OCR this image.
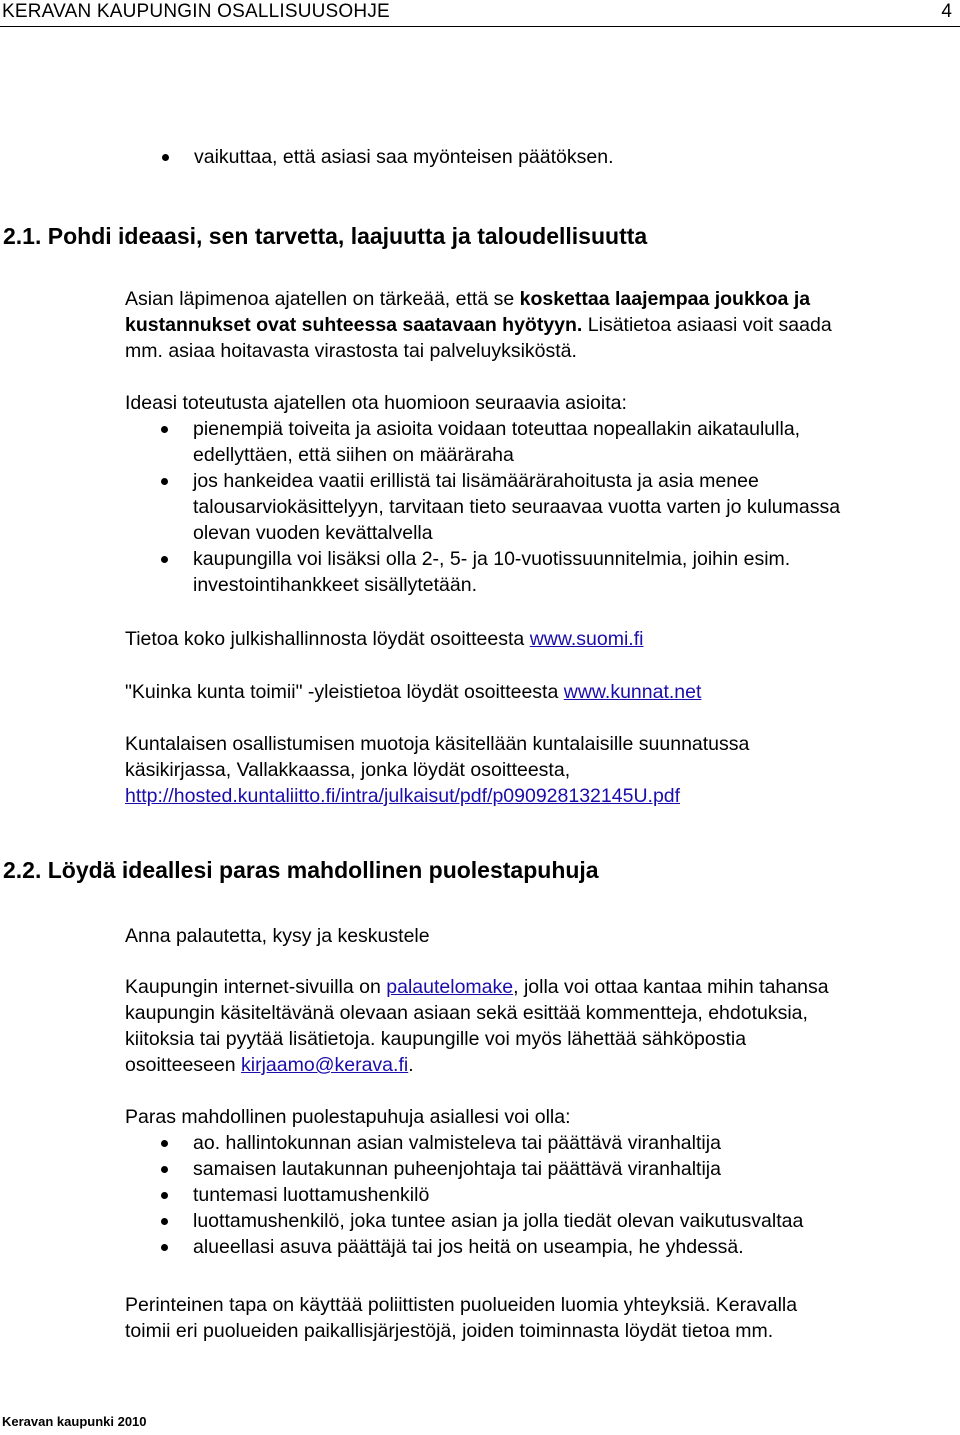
KERAVAN KAUPUNGIN OSALLISUUSOHJE	4
vaikuttaa, että asiasi saa myönteisen päätöksen.
2.1. Pohdi ideaasi, sen tarvetta, laajuutta ja taloudellisuutta
Asian läpimenoa ajatellen on tärkeää, että se koskettaa laajempaa joukkoa ja
kustannukset ovat suhteessa saatavaan hyötyyn. Lisätietoa asiaasi voit saada
mm. asiaa hoitavasta virastosta tai palveluyksiköstä.
Ideasi toteutusta ajatellen ota huomioon seuraavia asioita:
pienempiä toiveita ja asioita voidaan toteuttaa nopeallakin aikataululla,
edellyttäen, että siihen on määräraha
jos hankeidea vaatii erillistä tai lisämäärärahoitusta ja asia menee
talousarviokäsittelyyn, tarvitaan tieto seuraavaa vuotta varten jo kulumassa
olevan vuoden kevättalvella
kaupungilla voi lisäksi olla 2-, 5- ja 10-vuotissuunnitelmia, joihin esim.
investointihankkeet sisällytetään.
Tietoa koko julkishallinnosta löydät osoitteesta www.suomi.fi
"Kuinka kunta toimii" -yleistietoa löydät osoitteesta www.kunnat.net
Kuntalaisen osallistumisen muotoja käsitellään kuntalaisille suunnatussa
käsikirjassa, Vallakkaassa, jonka löydät osoitteesta,
http://hosted.kuntaliitto.fi/intra/julkaisut/pdf/p090928132145U.pdf
2.2. Löydä ideallesi paras mahdollinen puolestapuhuja
Anna palautetta, kysy ja keskustele
Kaupungin internet-sivuilla on palautelomake, jolla voi ottaa kantaa mihin tahansa
kaupungin käsiteltävänä olevaan asiaan sekä esittää kommentteja, ehdotuksia,
kiitoksia tai pyytää lisätietoja. kaupungille voi myös lähettää sähköpostia
osoitteeseen kirjaamo@kerava.fi.
Paras mahdollinen puolestapuhuja asiallesi voi olla:
ao. hallintokunnan asian valmisteleva tai päättävä viranhaltija
samaisen lautakunnan puheenjohtaja tai päättävä viranhaltija
tuntemasi luottamushenkilö
luottamushenkilö, joka tuntee asian ja jolla tiedät olevan vaikutusvaltaa
alueellasi asuva päättäjä tai jos heitä on useampia, he yhdessä.
Perinteinen tapa on käyttää poliittisten puolueiden luomia yhteyksiä. Keravalla
toimii eri puolueiden paikallisjärjestöjä, joiden toiminnasta löydät tietoa mm.
Keravan kaupunki 2010
